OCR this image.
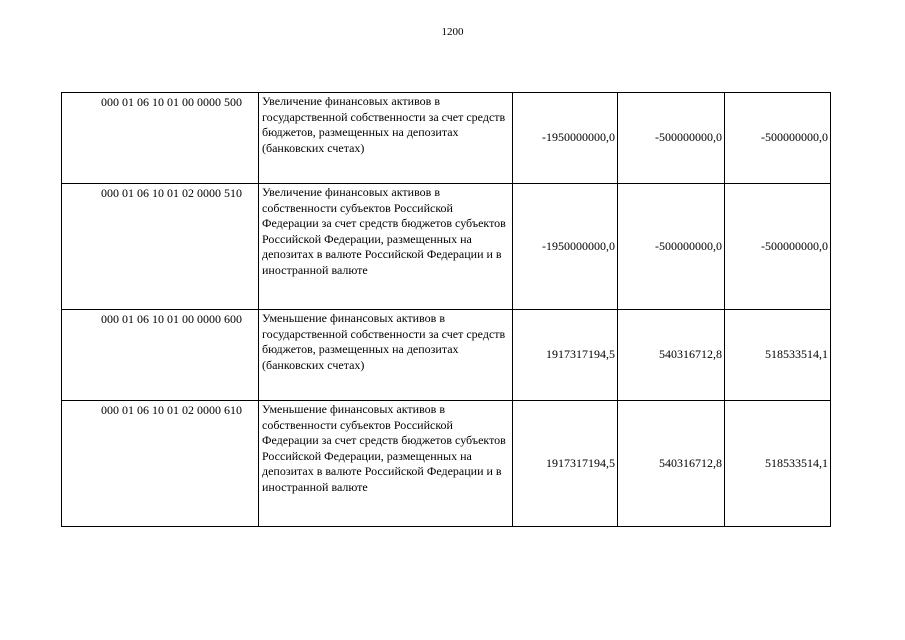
1200
000 01 06 10 01 00 0000 500	Увеличение финансовых активов в государственной собственности за счет средств бюджетов, размещенных на депозитах (банковских счетах)	-1950000000,0	-500000000,0	-500000000,0
000 01 06 10 01 02 0000 510	Увеличение финансовых активов в собственности субъектов Российской Федерации за счет средств бюджетов субъектов Российской Федерации, размещенных на депозитах в валюте Российской Федерации и в иностранной валюте	-1950000000,0	-500000000,0	-500000000,0
000 01 06 10 01 00 0000 600	Уменьшение финансовых активов в государственной собственности за счет средств бюджетов, размещенных на депозитах (банковских счетах)	1917317194,5	540316712,8	518533514,1
000 01 06 10 01 02 0000 610	Уменьшение финансовых активов в собственности субъектов Российской Федерации за счет средств бюджетов субъектов Российской Федерации, размещенных на депозитах в валюте Российской Федерации и в иностранной валюте	1917317194,5	540316712,8	518533514,1
